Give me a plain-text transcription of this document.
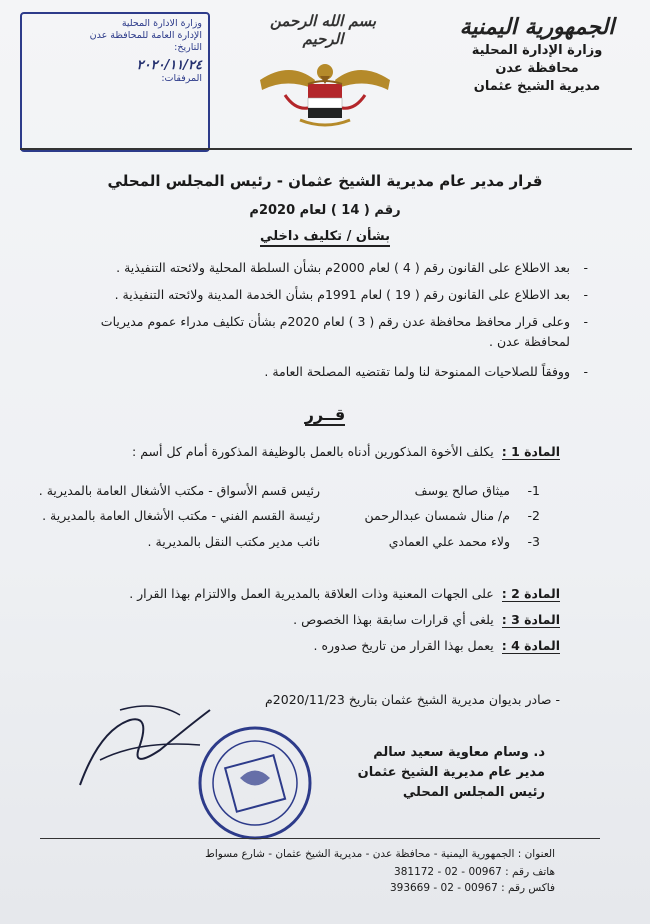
الجمهورية اليمنية
وزارة الإدارة المحلية
محافظة عدن
مديرية الشيخ عثمان
بسم الله الرحمن الرحيم
وزارة الادارة المحلية
الإدارة العامة للمحافظة عدن
التاريخ:
٢٠٢٠/١١/٢٤
المرفقات:
قرار مدير عام مديرية الشيخ عثمان - رئيس المجلس المحلي
رقم ( 14 ) لعام 2020م
بشأن / تكليف داخلي
-
بعد الاطلاع على القانون رقم ( 4 ) لعام 2000م بشأن السلطة المحلية ولائحته التنفيذية .
-
بعد الاطلاع على القانون رقم ( 19 ) لعام 1991م بشأن الخدمة المدينة ولائحته التنفيذية .
-
وعلى قرار محافظ محافظة عدن رقم ( 3 ) لعام 2020م بشأن تكليف مدراء عموم مديريات لمحافظة عدن .
-
ووفقاً للصلاحيات الممنوحة لنا ولما تقتضيه المصلحة العامة .
قــرر
المادة 1 :يكلف الأخوة المذكورين أدناه بالعمل بالوظيفة المذكورة أمام كل أسم :
1-
ميثاق صالح يوسف
رئيس قسم الأسواق - مكتب الأشغال العامة بالمديرية .
2-
م/ منال شمسان عبدالرحمن
رئيسة القسم الفني - مكتب الأشغال العامة بالمديرية .
3-
ولاء محمد علي العمادي
نائب مدير مكتب النقل بالمديرية .
المادة 2 :على الجهات المعنية وذات العلاقة بالمديرية العمل والالتزام بهذا القرار .
المادة 3 :يلغى أي قرارات سابقة بهذا الخصوص .
المادة 4 :يعمل بهذا القرار من تاريخ صدوره .
- صادر بديوان مديرية الشيخ عثمان بتاريخ 2020/11/23م
د. وسام معاوية سعيد سالم
مدير عام مديرية الشيخ عثمان
رئيس المجلس المحلي
العنوان : الجمهورية اليمنية - محافظة عدن - مديرية الشيخ عثمان - شارع مسواط
هاتف رقم : 00967 - 02 - 381172
فاكس رقم : 00967 - 02 - 393669
